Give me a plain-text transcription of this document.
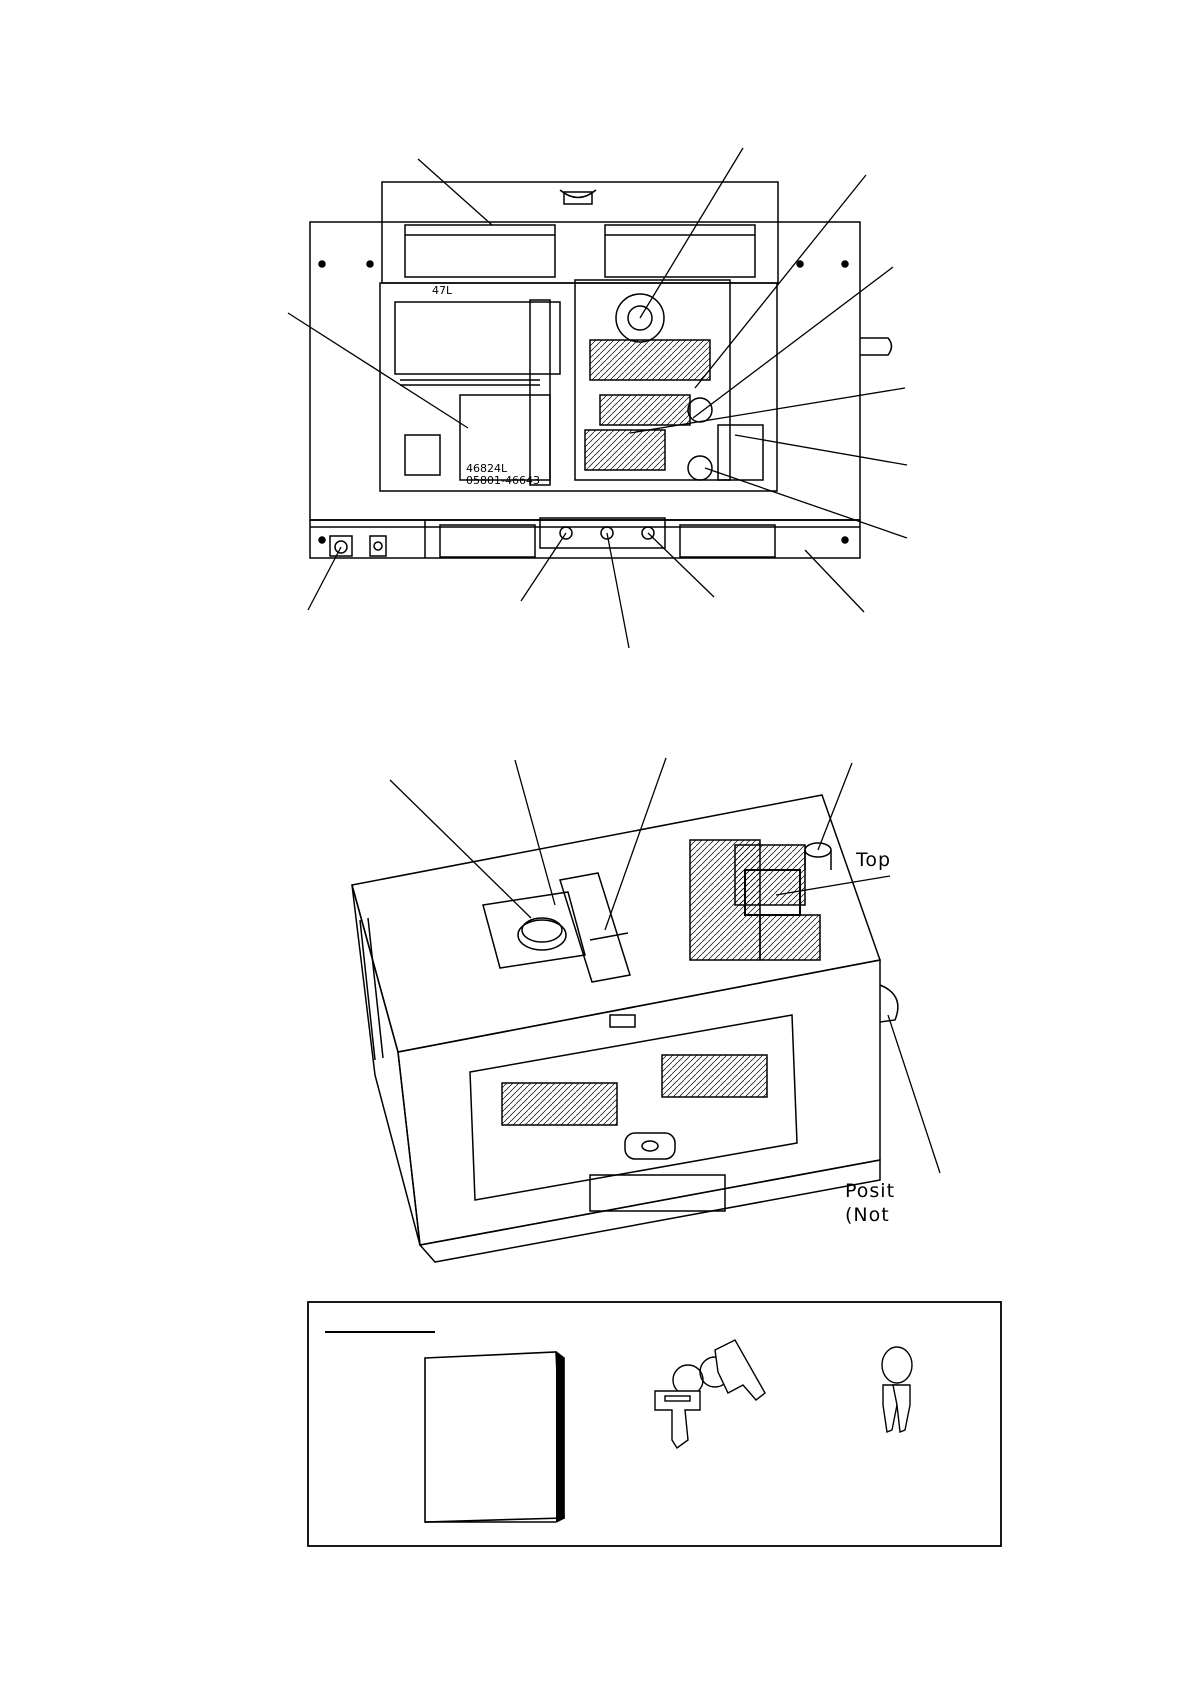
47L
46824L
05801-46643
Top
Posit
(Not
